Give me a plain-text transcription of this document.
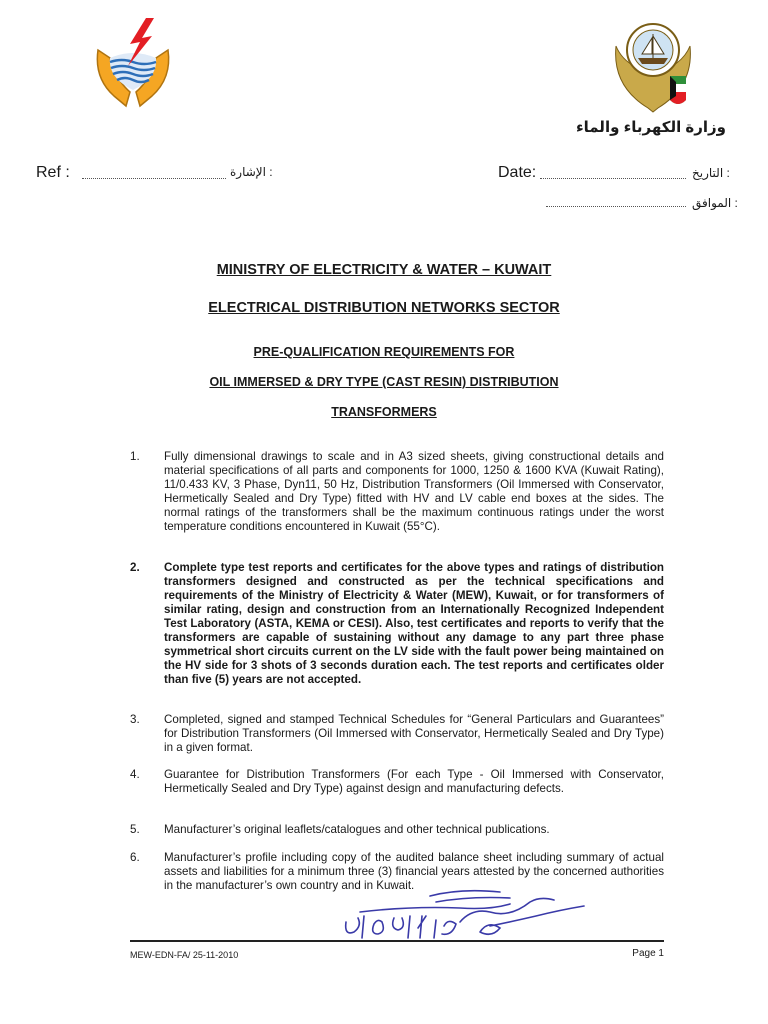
وزارة الكهرباء والماء
Ref :	: الإشارة	Date:	: التاريخ
: الموافق
MINISTRY OF ELECTRICITY & WATER – KUWAIT
ELECTRICAL DISTRIBUTION NETWORKS SECTOR
PRE-QUALIFICATION REQUIREMENTS FOR
OIL IMMERSED & DRY TYPE (CAST RESIN) DISTRIBUTION
TRANSFORMERS
1. Fully dimensional drawings to scale and in A3 sized sheets, giving constructional details and material specifications of all parts and components for 1000, 1250 & 1600 KVA (Kuwait Rating), 11/0.433 KV, 3 Phase, Dyn11, 50 Hz, Distribution Transformers (Oil Immersed with Conservator, Hermetically Sealed and Dry Type) fitted with HV and LV cable end boxes at the sides. The normal ratings of the transformers shall be the maximum continuous ratings under the worst temperature conditions encountered in Kuwait (55°C).
2. Complete type test reports and certificates for the above types and ratings of distribution transformers designed and constructed as per the technical specifications and requirements of the Ministry of Electricity & Water (MEW), Kuwait, or for transformers of similar rating, design and construction from an Internationally Recognized Independent Test Laboratory (ASTA, KEMA or CESI). Also, test certificates and reports to verify that the transformers are capable of sustaining without any damage to any part three phase symmetrical short circuits current on the LV side with the fault power being maintained on the HV side for 3 shots of 3 seconds duration each. The test reports and certificates older than five (5) years are not accepted.
3. Completed, signed and stamped Technical Schedules for “General Particulars and Guarantees” for Distribution Transformers (Oil Immersed with Conservator, Hermetically Sealed and Dry Type) in a given format.
4. Guarantee for Distribution Transformers (For each Type - Oil Immersed with Conservator, Hermetically Sealed and Dry Type) against design and manufacturing defects.
5. Manufacturer’s original leaflets/catalogues and other technical publications.
6. Manufacturer’s profile including copy of the audited balance sheet including summary of actual assets and liabilities for a minimum three (3) financial years attested by the concerned authorities in the manufacturer’s own country and in Kuwait.
MEW-EDN-FA/ 25-11-2010	Page 1
